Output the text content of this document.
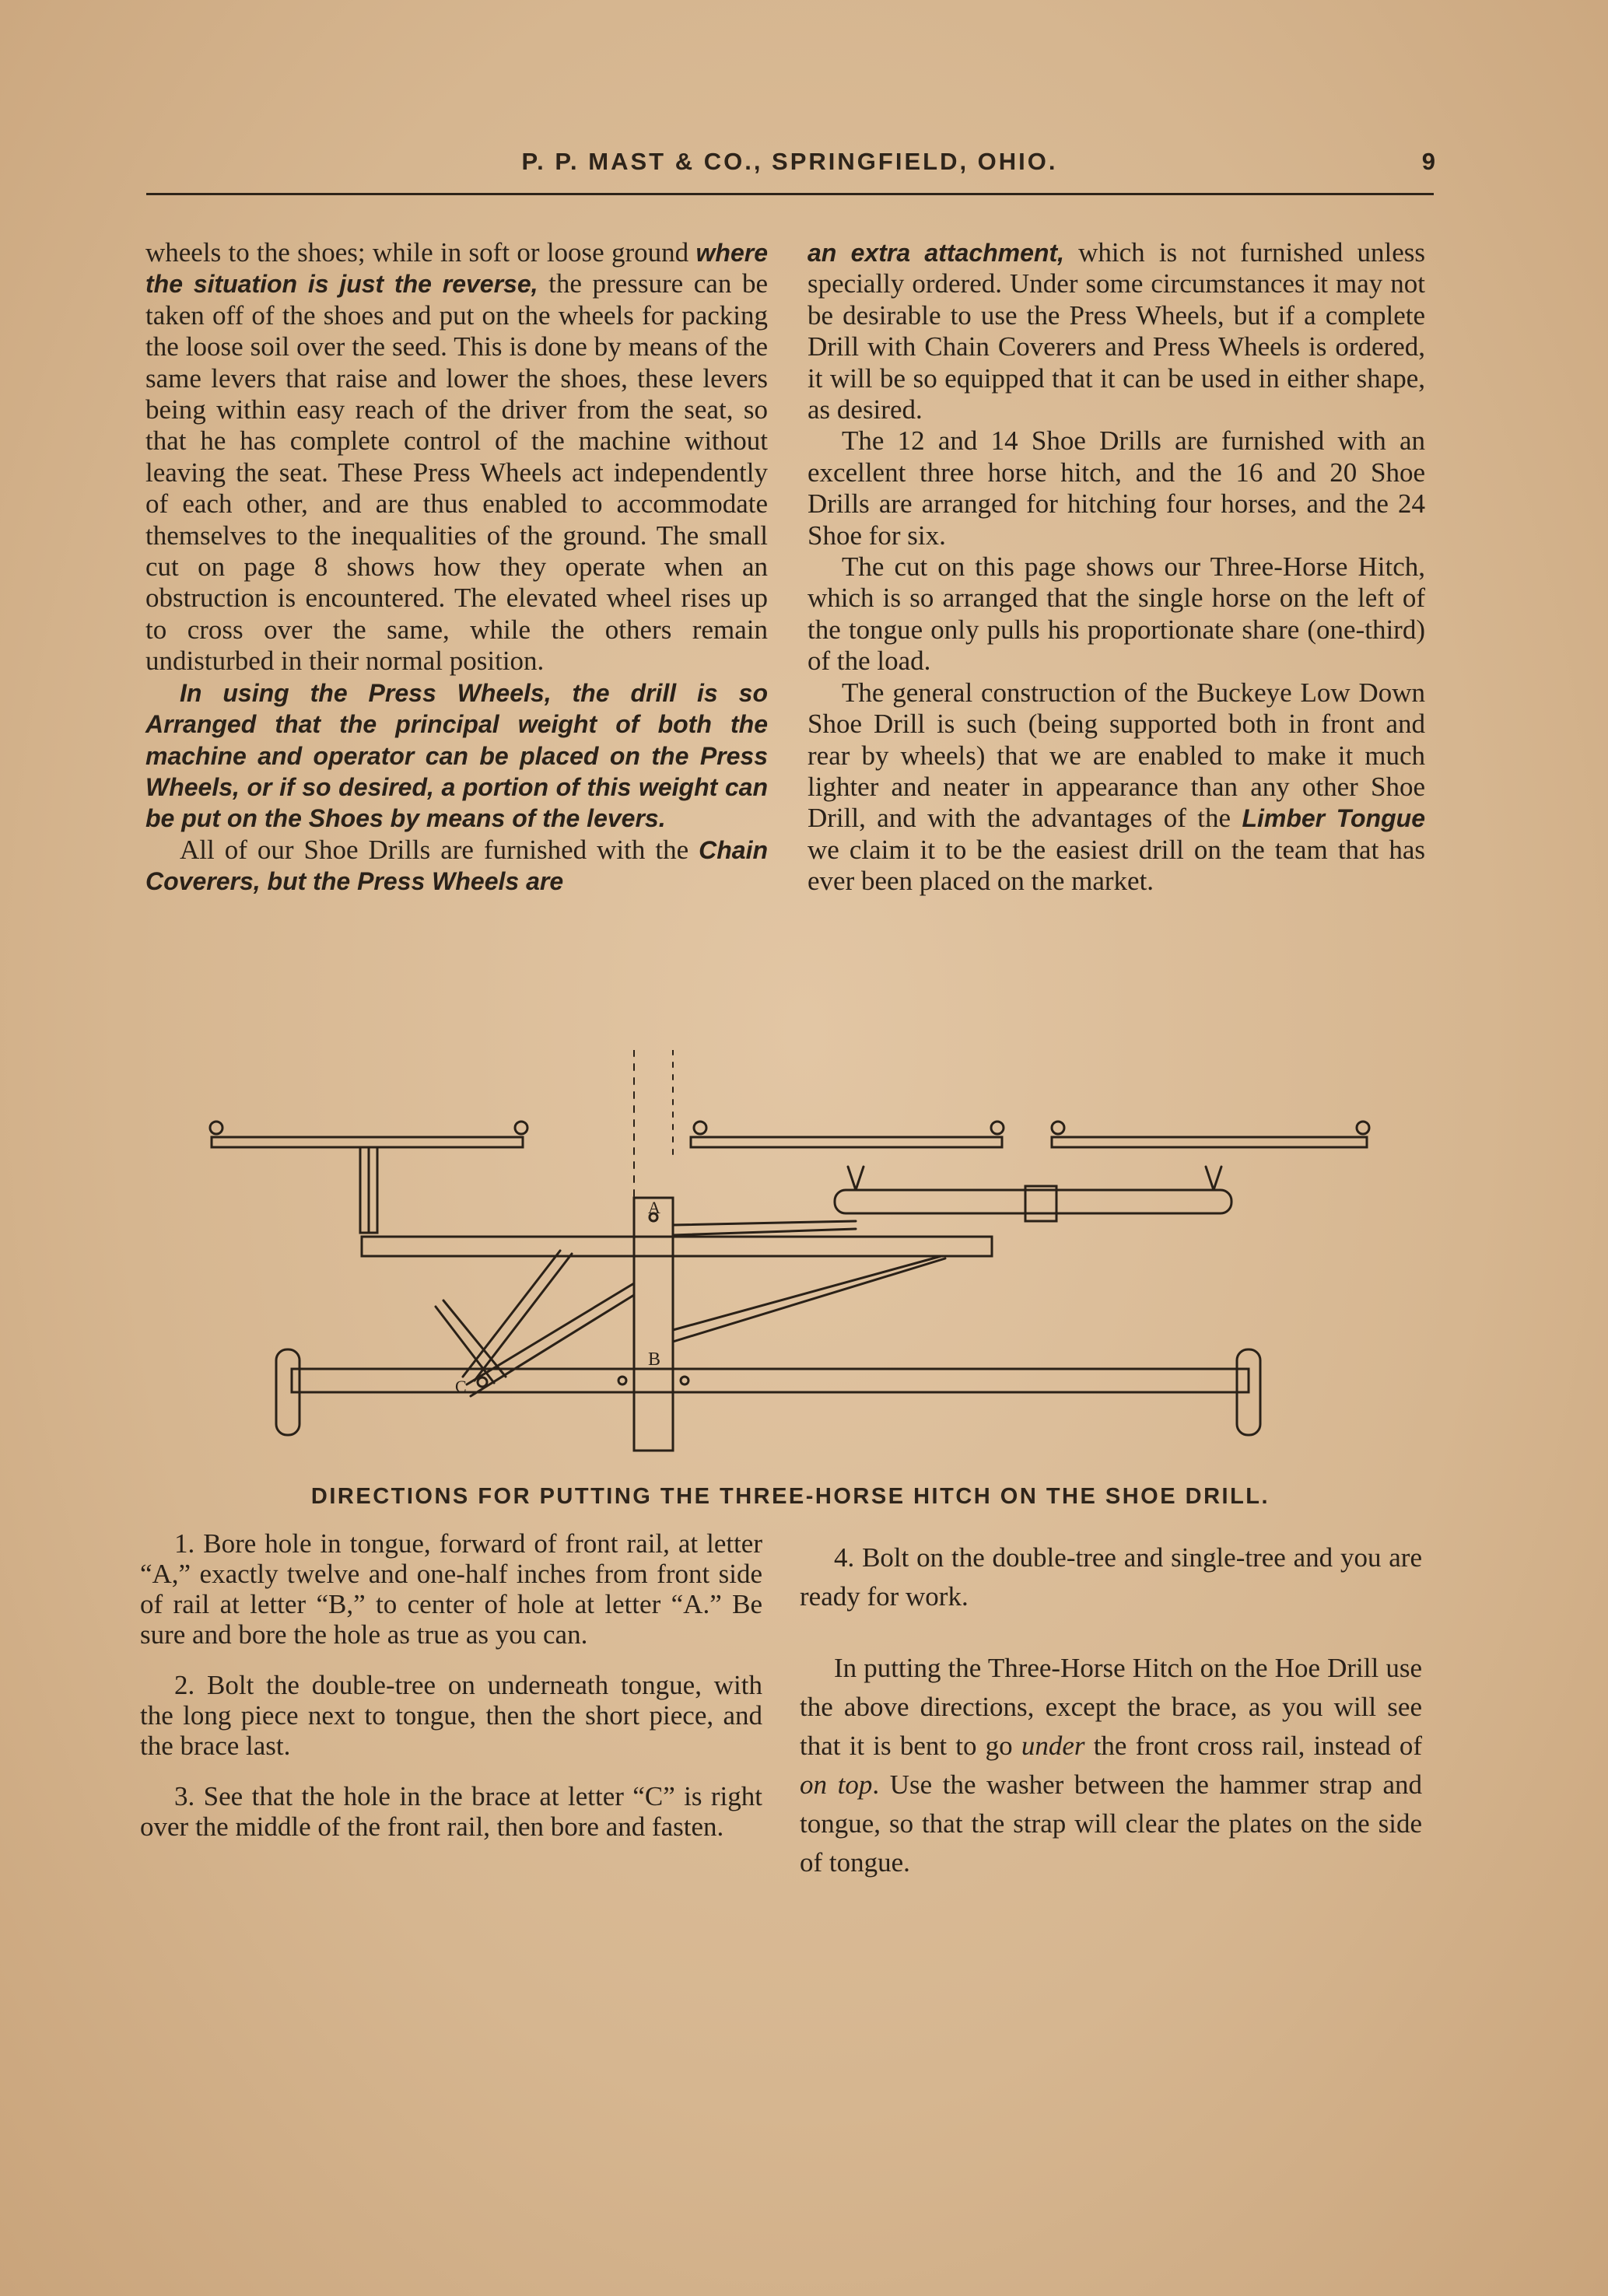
P. P. MAST & CO., SPRINGFIELD, OHIO.	9

wheels to the shoes; while in soft or loose ground where the situation is just the reverse, the pressure can be taken off of the shoes and put on the wheels for packing the loose soil over the seed. This is done by means of the same levers that raise and lower the shoes, these levers being within easy reach of the driver from the seat, so that he has complete control of the machine without leaving the seat. These Press Wheels act independently of each other, and are thus enabled to accommodate themselves to the inequalities of the ground. The small cut on page 8 shows how they operate when an obstruction is encountered. The elevated wheel rises up to cross over the same, while the others remain undisturbed in their normal position.

In using the Press Wheels, the drill is so Arranged that the principal weight of both the machine and operator can be placed on the Press Wheels, or if so desired, a portion of this weight can be put on the Shoes by means of the levers.

All of our Shoe Drills are furnished with the Chain Coverers, but the Press Wheels are

an extra attachment, which is not furnished unless specially ordered. Under some circumstances it may not be desirable to use the Press Wheels, but if a complete Drill with Chain Coverers and Press Wheels is ordered, it will be so equipped that it can be used in either shape, as desired.

The 12 and 14 Shoe Drills are furnished with an excellent three horse hitch, and the 16 and 20 Shoe Drills are arranged for hitching four horses, and the 24 Shoe for six.

The cut on this page shows our Three-Horse Hitch, which is so arranged that the single horse on the left of the tongue only pulls his proportionate share (one-third) of the load.

The general construction of the Buckeye Low Down Shoe Drill is such (being supported both in front and rear by wheels) that we are enabled to make it much lighter and neater in appearance than any other Shoe Drill, and with the advantages of the Limber Tongue we claim it to be the easiest drill on the team that has ever been placed on the market.

A
B
C
DIRECTIONS FOR PUTTING THE THREE-HORSE HITCH ON THE SHOE DRILL.

1. Bore hole in tongue, forward of front rail, at letter “A,” exactly twelve and one-half inches from front side of rail at letter “B,” to center of hole at letter “A.” Be sure and bore the hole as true as you can.

2. Bolt the double-tree on underneath tongue, with the long piece next to tongue, then the short piece, and the brace last.

3. See that the hole in the brace at letter “C” is right over the middle of the front rail, then bore and fasten.

4. Bolt on the double-tree and single-tree and you are ready for work.

In putting the Three-Horse Hitch on the Hoe Drill use the above directions, except the brace, as you will see that it is bent to go under the front cross rail, instead of on top. Use the washer between the hammer strap and tongue, so that the strap will clear the plates on the side of tongue.
